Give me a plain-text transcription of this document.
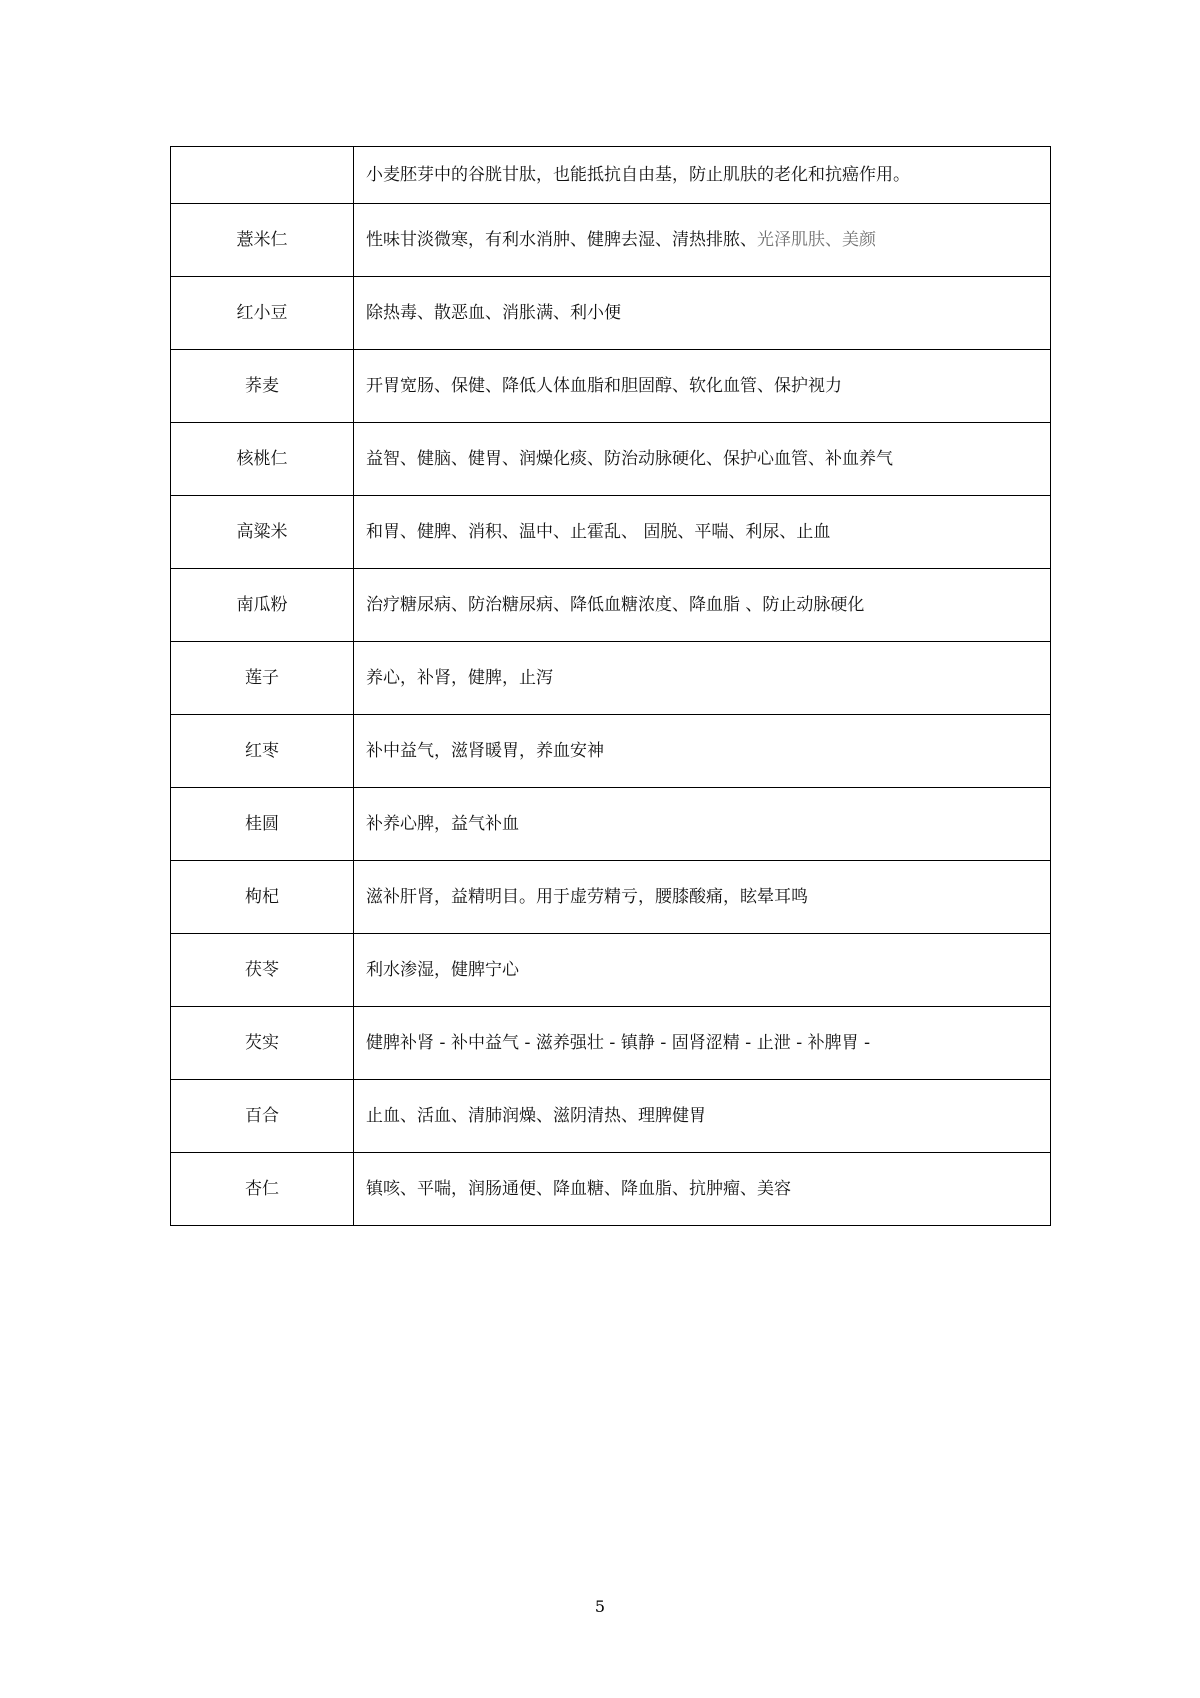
	小麦胚芽中的谷胱甘肽，也能抵抗自由基，防止肌肤的老化和抗癌作用。
薏米仁	性味甘淡微寒，有利水消肿、健脾去湿、清热排脓、光泽肌肤、美颜
红小豆	除热毒、散恶血、消胀满、利小便
荞麦	开胃宽肠、保健、降低人体血脂和胆固醇、软化血管、保护视力
核桃仁	益智、健脑、健胃、润燥化痰、防治动脉硬化、保护心血管、补血养气
高粱米	和胃、健脾、消积、温中、止霍乱、 固脱、平喘、利尿、止血
南瓜粉	治疗糖尿病、防治糖尿病、降低血糖浓度、降血脂 、防止动脉硬化
莲子	养心，补肾，健脾，止泻
红枣	补中益气，滋肾暖胃，养血安神
桂圆	补养心脾，益气补血
枸杞	滋补肝肾，益精明目。用于虚劳精亏，腰膝酸痛，眩晕耳鸣
茯苓	利水渗湿，健脾宁心
芡实	健脾补肾 - 补中益气 - 滋养强壮 - 镇静 - 固肾涩精 - 止泄 - 补脾胃 -
百合	止血、活血、清肺润燥、滋阴清热、理脾健胃
杏仁	镇咳、平喘，润肠通便、降血糖、降血脂、抗肿瘤、美容
5
